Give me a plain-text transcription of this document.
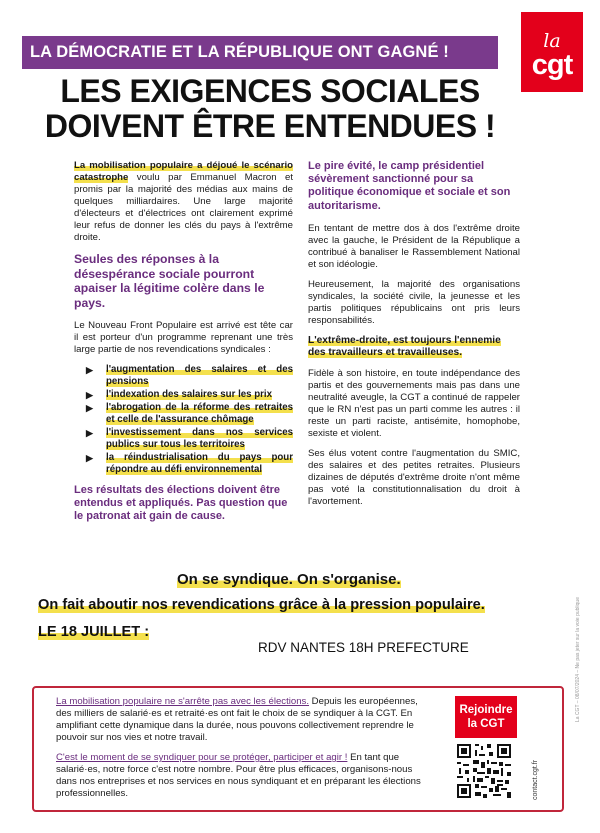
LA DÉMOCRATIE ET LA RÉPUBLIQUE ONT GAGNÉ !	la
cgt
LES EXIGENCES SOCIALES
DOIVENT ÊTRE ENTENDUES !

La mobilisation populaire a déjoué le scénario catastrophe voulu par Emmanuel Macron et promis par la majorité des médias aux mains de quelques milliardaires. Une large majorité d'électeurs et d'électrices ont clairement exprimé leur refus de donner les clés du pays à l'extrême droite.

Seules des réponses à la désespérance sociale pourront apaiser la légitime colère dans le pays.

Le Nouveau Front Populaire est arrivé est tête car il est porteur d'un programme reprenant une très large partie de nos revendications syndicales :

▶ l'augmentation des salaires et des pensions
▶ l'indexation des salaires sur les prix
▶ l'abrogation de la réforme des retraites et celle de l'assurance chômage
▶ l'investissement dans nos services publics sur tous les territoires
▶ la réindustrialisation du pays pour répondre au défi environnemental
Les résultats des élections doivent être entendus et appliqués. Pas question que le patronat ait gain de cause.
Le pire évité, le camp présidentiel sévèrement sanctionné pour sa politique économique et sociale et son autoritarisme.

En tentant de mettre dos à dos l'extrême droite avec la gauche, le Président de la République a contribué à banaliser le Rassemblement National et son idéologie.

Heureusement, la majorité des organisations syndicales, la société civile, la jeunesse et les partis politiques républicains ont pris leurs responsabilités.

L'extrême-droite, est toujours l'ennemie des travailleurs et travailleuses.

Fidèle à son histoire, en toute indépendance des partis et des gouvernements mais pas dans une neutralité aveugle, la CGT a continué de rappeler que le RN n'est pas un parti comme les autres : il reste un parti raciste, antisémite, homophobe, sexiste et violent.

Ses élus votent contre l'augmentation du SMIC, des salaires et des petites retraites. Plusieurs dizaines de députés d'extrême droite n'ont même pas voté la constitutionnalisation du droit à l'avortement.

On se syndique. On s'organise.
On fait aboutir nos revendications grâce à la pression populaire.
LE 18 JUILLET :
RDV NANTES 18H PREFECTURE	La CGT – 08/07/2024 – Ne pas jeter sur la voie publique

La mobilisation populaire ne s'arrête pas avec les élections. Depuis les européennes, des milliers de salarié·es et retraité·es ont fait le choix de se syndiquer à la CGT. En amplifiant cette dynamique dans la durée, nous pouvons collectivement reprendre le pouvoir sur nos vies et notre travail.

C'est le moment de se syndiquer pour se protéger, participer et agir ! En tant que salarié·es, notre force c'est notre nombre. Pour être plus efficaces, organisons-nous dans nos entreprises et nos services en nous syndiquant et en préparant les élections professionnelles.

Rejoindre la CGT
contact.cgt.fr
